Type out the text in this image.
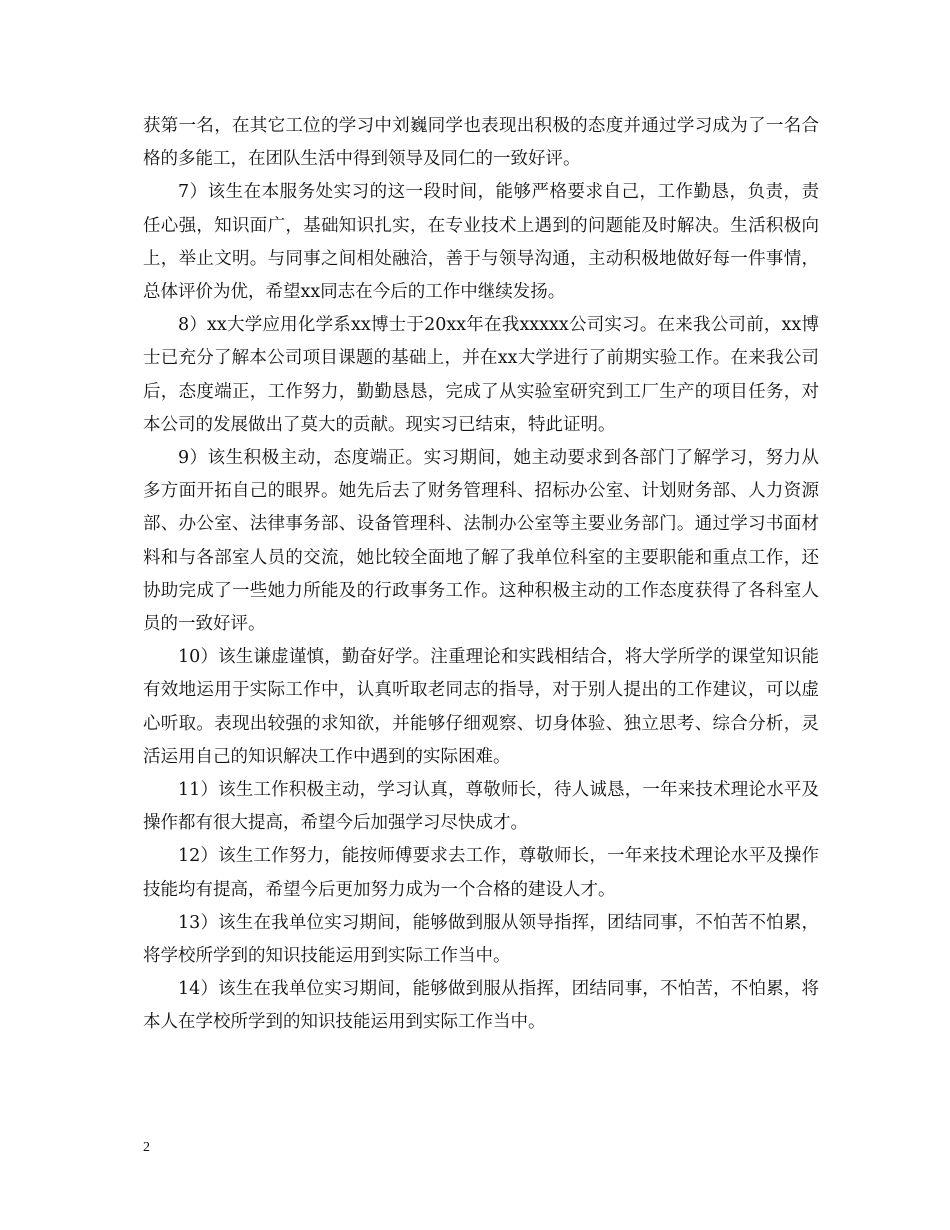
获第一名，在其它工位的学习中刘巍同学也表现出积极的态度并通过学习成为了一名合格的多能工，在团队生活中得到领导及同仁的一致好评。

7）该生在本服务处实习的这一段时间，能够严格要求自己，工作勤恳，负责，责任心强，知识面广，基础知识扎实，在专业技术上遇到的问题能及时解决。生活积极向上，举止文明。与同事之间相处融洽，善于与领导沟通，主动积极地做好每一件事情，总体评价为优，希望xx同志在今后的工作中继续发扬。

8）xx大学应用化学系xx博士于20xx年在我xxxxx公司实习。在来我公司前，xx博士已充分了解本公司项目课题的基础上，并在xx大学进行了前期实验工作。在来我公司后，态度端正，工作努力，勤勤恳恳，完成了从实验室研究到工厂生产的项目任务，对本公司的发展做出了莫大的贡献。现实习已结束，特此证明。

9）该生积极主动，态度端正。实习期间，她主动要求到各部门了解学习，努力从多方面开拓自己的眼界。她先后去了财务管理科、招标办公室、计划财务部、人力资源部、办公室、法律事务部、设备管理科、法制办公室等主要业务部门。通过学习书面材料和与各部室人员的交流，她比较全面地了解了我单位科室的主要职能和重点工作，还协助完成了一些她力所能及的行政事务工作。这种积极主动的工作态度获得了各科室人员的一致好评。

10）该生谦虚谨慎，勤奋好学。注重理论和实践相结合，将大学所学的课堂知识能有效地运用于实际工作中，认真听取老同志的指导，对于别人提出的工作建议，可以虚心听取。表现出较强的求知欲，并能够仔细观察、切身体验、独立思考、综合分析，灵活运用自己的知识解决工作中遇到的实际困难。

11）该生工作积极主动，学习认真，尊敬师长，待人诚恳，一年来技术理论水平及操作都有很大提高，希望今后加强学习尽快成才。

12）该生工作努力，能按师傅要求去工作，尊敬师长，一年来技术理论水平及操作技能均有提高，希望今后更加努力成为一个合格的建设人才。

13）该生在我单位实习期间，能够做到服从领导指挥，团结同事，不怕苦不怕累，将学校所学到的知识技能运用到实际工作当中。

14）该生在我单位实习期间，能够做到服从指挥，团结同事，不怕苦，不怕累，将本人在学校所学到的知识技能运用到实际工作当中。

2
